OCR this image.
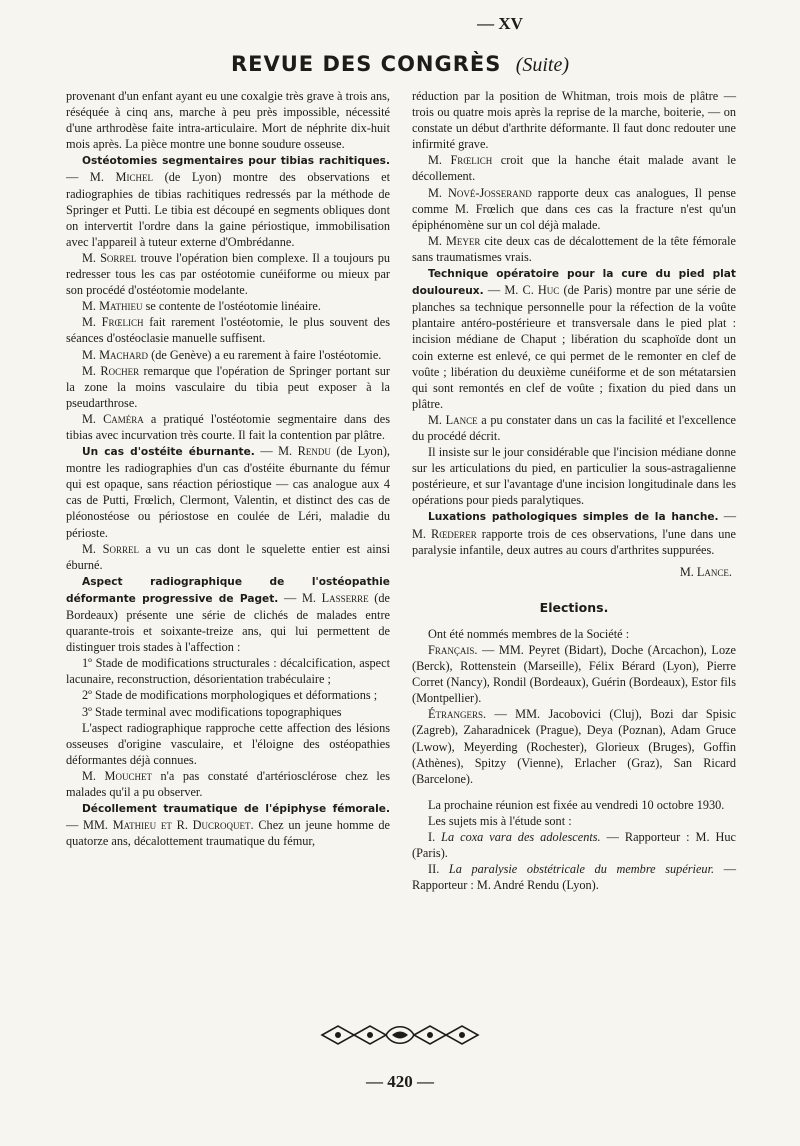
— XV
REVUE DES CONGRÈS (Suite)

provenant d'un enfant ayant eu une coxalgie très grave à trois ans, réséquée à cinq ans, marche à peu près impossible, nécessité d'une arthrodèse faite intra-articulaire. Mort de néphrite dix-huit mois après. La pièce montre une bonne soudure osseuse.

Ostéotomies segmentaires pour tibias rachitiques. — M. Michel (de Lyon) montre des observations et radiographies de tibias rachitiques redressés par la méthode de Springer et Putti. Le tibia est découpé en segments obliques dont on intervertit l'ordre dans la gaine périostique, immobilisation avec l'appareil à tuteur externe d'Ombrédanne.

M. Sorrel trouve l'opération bien complexe. Il a toujours pu redresser tous les cas par ostéotomie cunéiforme ou mieux par son procédé d'ostéotomie modelante.

M. Mathieu se contente de l'ostéotomie linéaire.

M. Frœlich fait rarement l'ostéotomie, le plus souvent des séances d'ostéoclasie manuelle suffisent.

M. Machard (de Genève) a eu rarement à faire l'ostéotomie.

M. Rocher remarque que l'opération de Springer portant sur la zone la moins vasculaire du tibia peut exposer à la pseudarthrose.

M. Caméra a pratiqué l'ostéotomie segmentaire dans des tibias avec incurvation très courte. Il fait la contention par plâtre.

Un cas d'ostéite éburnante. — M. Rendu (de Lyon), montre les radiographies d'un cas d'ostéite éburnante du fémur qui est opaque, sans réaction périostique — cas analogue aux 4 cas de Putti, Frœlich, Clermont, Valentin, et distinct des cas de pléonostéose ou périostose en coulée de Léri, maladie du périoste.

M. Sorrel a vu un cas dont le squelette entier est ainsi éburné.

Aspect radiographique de l'ostéopathie déformante progressive de Paget. — M. Lasserre (de Bordeaux) présente une série de clichés de malades entre quarante-trois et soixante-treize ans, qui lui permettent de distinguer trois stades à l'affection :

1º Stade de modifications structurales : décalcification, aspect lacunaire, reconstruction, désorientation trabéculaire ;

2º Stade de modifications morphologiques et déformations ;

3º Stade terminal avec modifications topographiques

L'aspect radiographique rapproche cette affection des lésions osseuses d'origine vasculaire, et l'éloigne des ostéopathies déformantes déjà connues.

M. Mouchet n'a pas constaté d'artériosclérose chez les malades qu'il a pu observer.

Décollement traumatique de l'épiphyse fémorale. — MM. Mathieu et R. Ducroquet. Chez un jeune homme de quatorze ans, décalottement traumatique du fémur,

réduction par la position de Whitman, trois mois de plâtre — trois ou quatre mois après la reprise de la marche, boiterie, — on constate un début d'arthrite déformante. Il faut donc redouter une infirmité grave.

M. Frœlich croit que la hanche était malade avant le décollement.

M. Nové-Josserand rapporte deux cas analogues, Il pense comme M. Frœlich que dans ces cas la fracture n'est qu'un épiphénomène sur un col déjà malade.

M. Meyer cite deux cas de décalottement de la tête fémorale sans traumatismes vrais.

Technique opératoire pour la cure du pied plat douloureux. — M. C. Huc (de Paris) montre par une série de planches sa technique personnelle pour la réfection de la voûte plantaire antéro-postérieure et transversale dans le pied plat : incision médiane de Chaput ; libération du scaphoïde dont un coin externe est enlevé, ce qui permet de le remonter en clef de voûte ; libération du deuxième cunéiforme et de son métatarsien qui sont remontés en clef de voûte ; fixation du pied dans un plâtre.

M. Lance a pu constater dans un cas la facilité et l'excellence du procédé décrit.

Il insiste sur le jour considérable que l'incision médiane donne sur les articulations du pied, en particulier la sous-astragalienne postérieure, et sur l'avantage d'une incision longitudinale dans les opérations pour pieds paralytiques.

Luxations pathologiques simples de la hanche. — M. Rœderer rapporte trois de ces observations, l'une dans une paralysie infantile, deux autres au cours d'arthrites suppurées.

M. Lance.

Elections.

Ont été nommés membres de la Société :

Français. — MM. Peyret (Bidart), Doche (Arcachon), Loze (Berck), Rottenstein (Marseille), Félix Bérard (Lyon), Pierre Corret (Nancy), Rondil (Bordeaux), Guérin (Bordeaux), Estor fils (Montpellier).

Étrangers. — MM. Jacobovici (Cluj), Bozi dar Spisic (Zagreb), Zaharadnicek (Prague), Deya (Poznan), Adam Gruce (Lwow), Meyerding (Rochester), Glorieux (Bruges), Goffin (Athènes), Spitzy (Vienne), Erlacher (Graz), San Ricard (Barcelone).

La prochaine réunion est fixée au vendredi 10 octobre 1930.

Les sujets mis à l'étude sont :

I. La coxa vara des adolescents. — Rapporteur : M. Huc (Paris).

II. La paralysie obstétricale du membre supérieur. — Rapporteur : M. André Rendu (Lyon).

— 420 —
